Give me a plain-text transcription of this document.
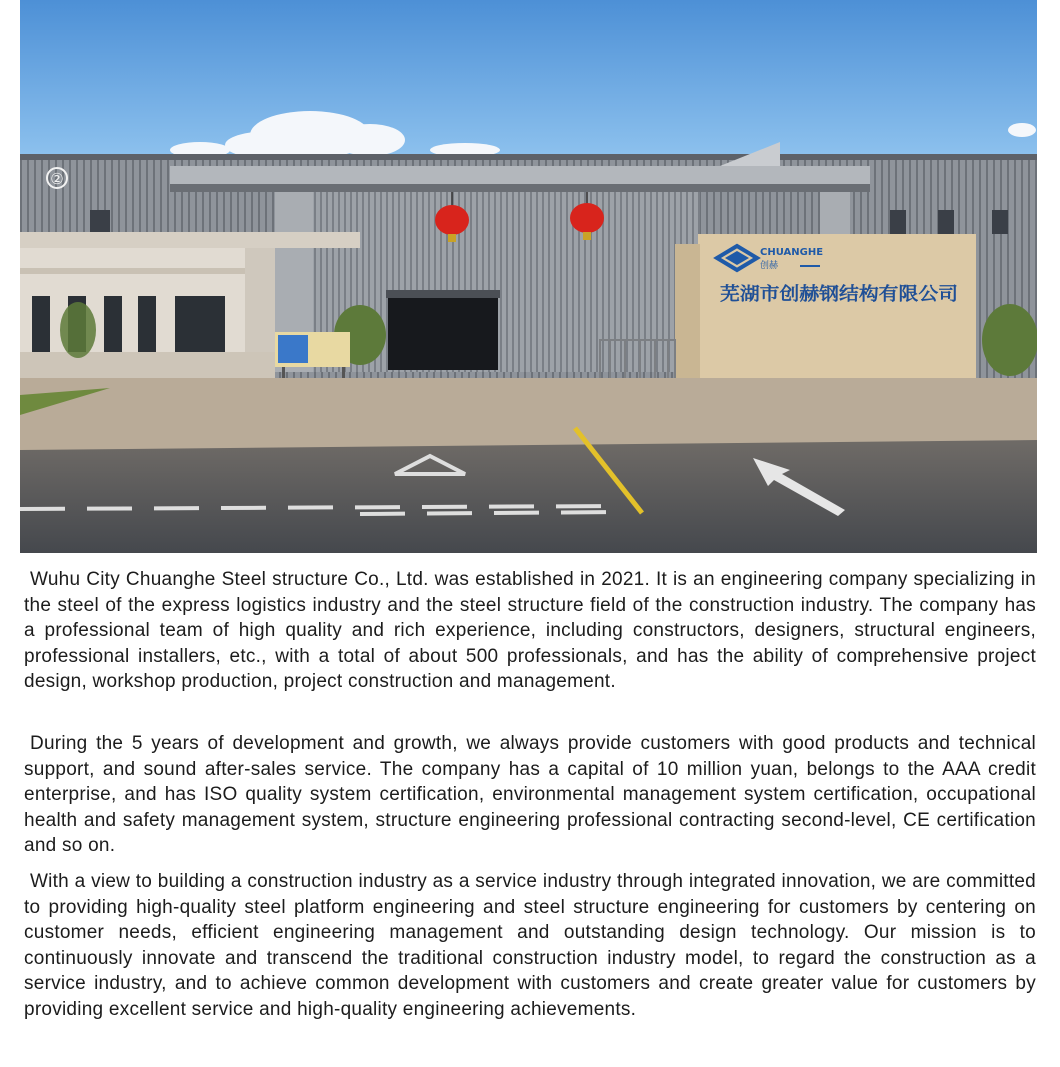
②
CHUANGHE
创赫
芜湖市创赫钢结构有限公司

Wuhu City Chuanghe Steel structure Co., Ltd. was established in 2021. It is an engineering company specializing in the steel of the express logistics industry and the steel structure field of the construction industry. The company has a professional team of high quality and rich experience, including constructors, designers, structural engineers, professional installers, etc., with a total of about 500 professionals, and has the ability of comprehensive project design, workshop production, project construction and management.

During the 5 years of development and growth, we always provide customers with good products and technical support, and sound after-sales service. The company has a capital of 10 million yuan, belongs to the AAA credit enterprise, and has ISO quality system certification, environmental management system certification, occupational health and safety management system, structure engineering professional contracting second-level, CE certification and so on.

With a view to building a construction industry as a service industry through integrated innovation, we are committed to providing high-quality steel platform engineering and steel structure engineering for customers by centering on customer needs, efficient engineering management and outstanding design technology. Our mission is to continuously innovate and transcend the traditional construction industry model, to regard the construction as a service industry, and to achieve common development with customers and create greater value for customers by providing excellent service and high-quality engineering achievements.
